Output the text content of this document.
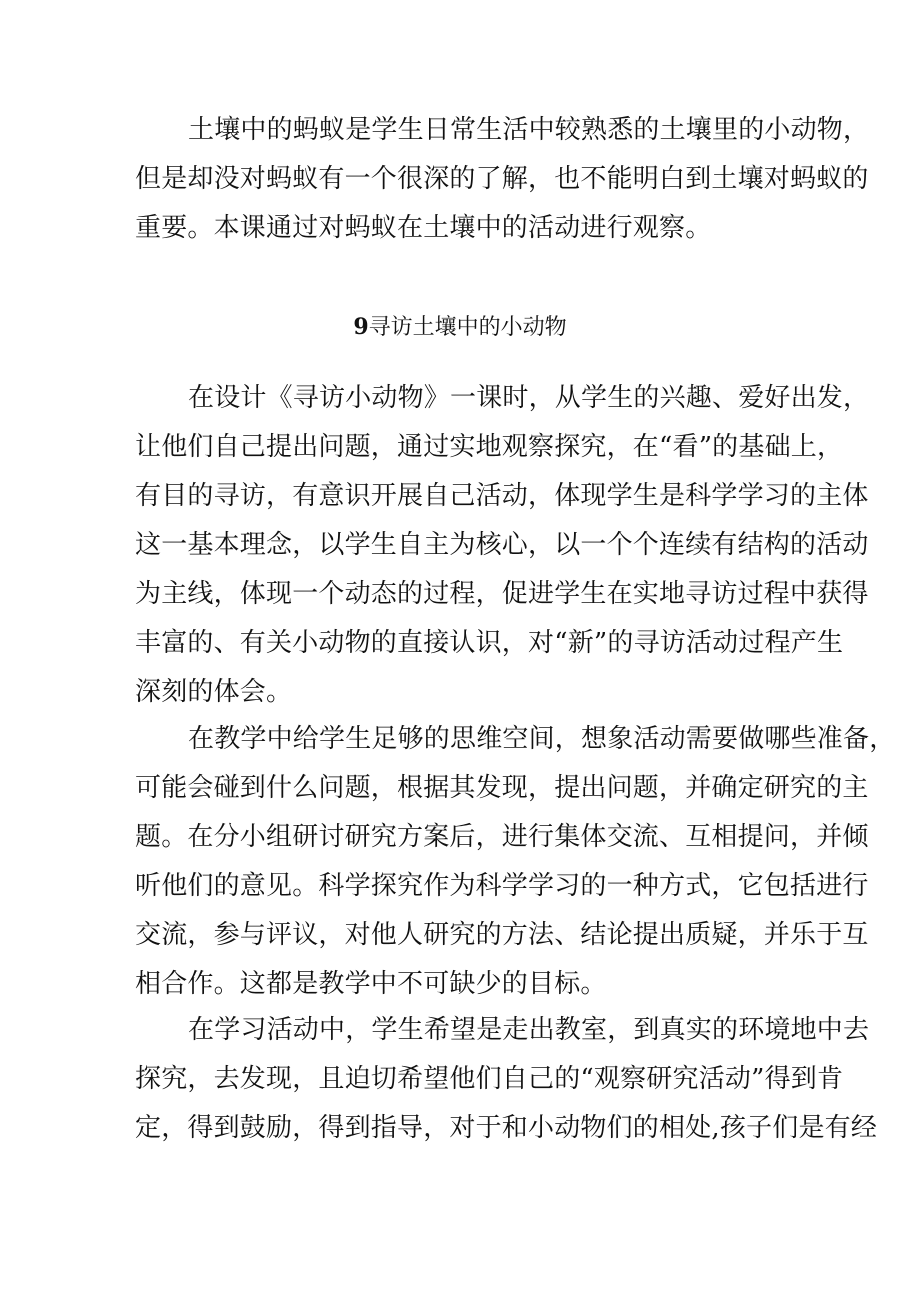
土壤中的蚂蚁是学生日常生活中较熟悉的土壤里的小动物，
但是却没对蚂蚁有一个很深的了解，也不能明白到土壤对蚂蚁的
重要。本课通过对蚂蚁在土壤中的活动进行观察。
9寻访土壤中的小动物
在设计《寻访小动物》一课时，从学生的兴趣、爱好出发，
让他们自己提出问题，通过实地观察探究，在“看”的基础上，
有目的寻访，有意识开展自己活动，体现学生是科学学习的主体
这一基本理念，以学生自主为核心，以一个个连续有结构的活动
为主线，体现一个动态的过程，促进学生在实地寻访过程中获得
丰富的、有关小动物的直接认识，对“新”的寻访活动过程产生
深刻的体会。
在教学中给学生足够的思维空间，想象活动需要做哪些准备，
可能会碰到什么问题，根据其发现，提出问题，并确定研究的主
题。在分小组研讨研究方案后，进行集体交流、互相提问，并倾
听他们的意见。科学探究作为科学学习的一种方式，它包括进行
交流，参与评议，对他人研究的方法、结论提出质疑，并乐于互
相合作。这都是教学中不可缺少的目标。
在学习活动中，学生希望是走出教室，到真实的环境地中去
探究，去发现，且迫切希望他们自己的“观察研究活动”得到肯
定，得到鼓励，得到指导，对于和小动物们的相处,孩子们是有经
